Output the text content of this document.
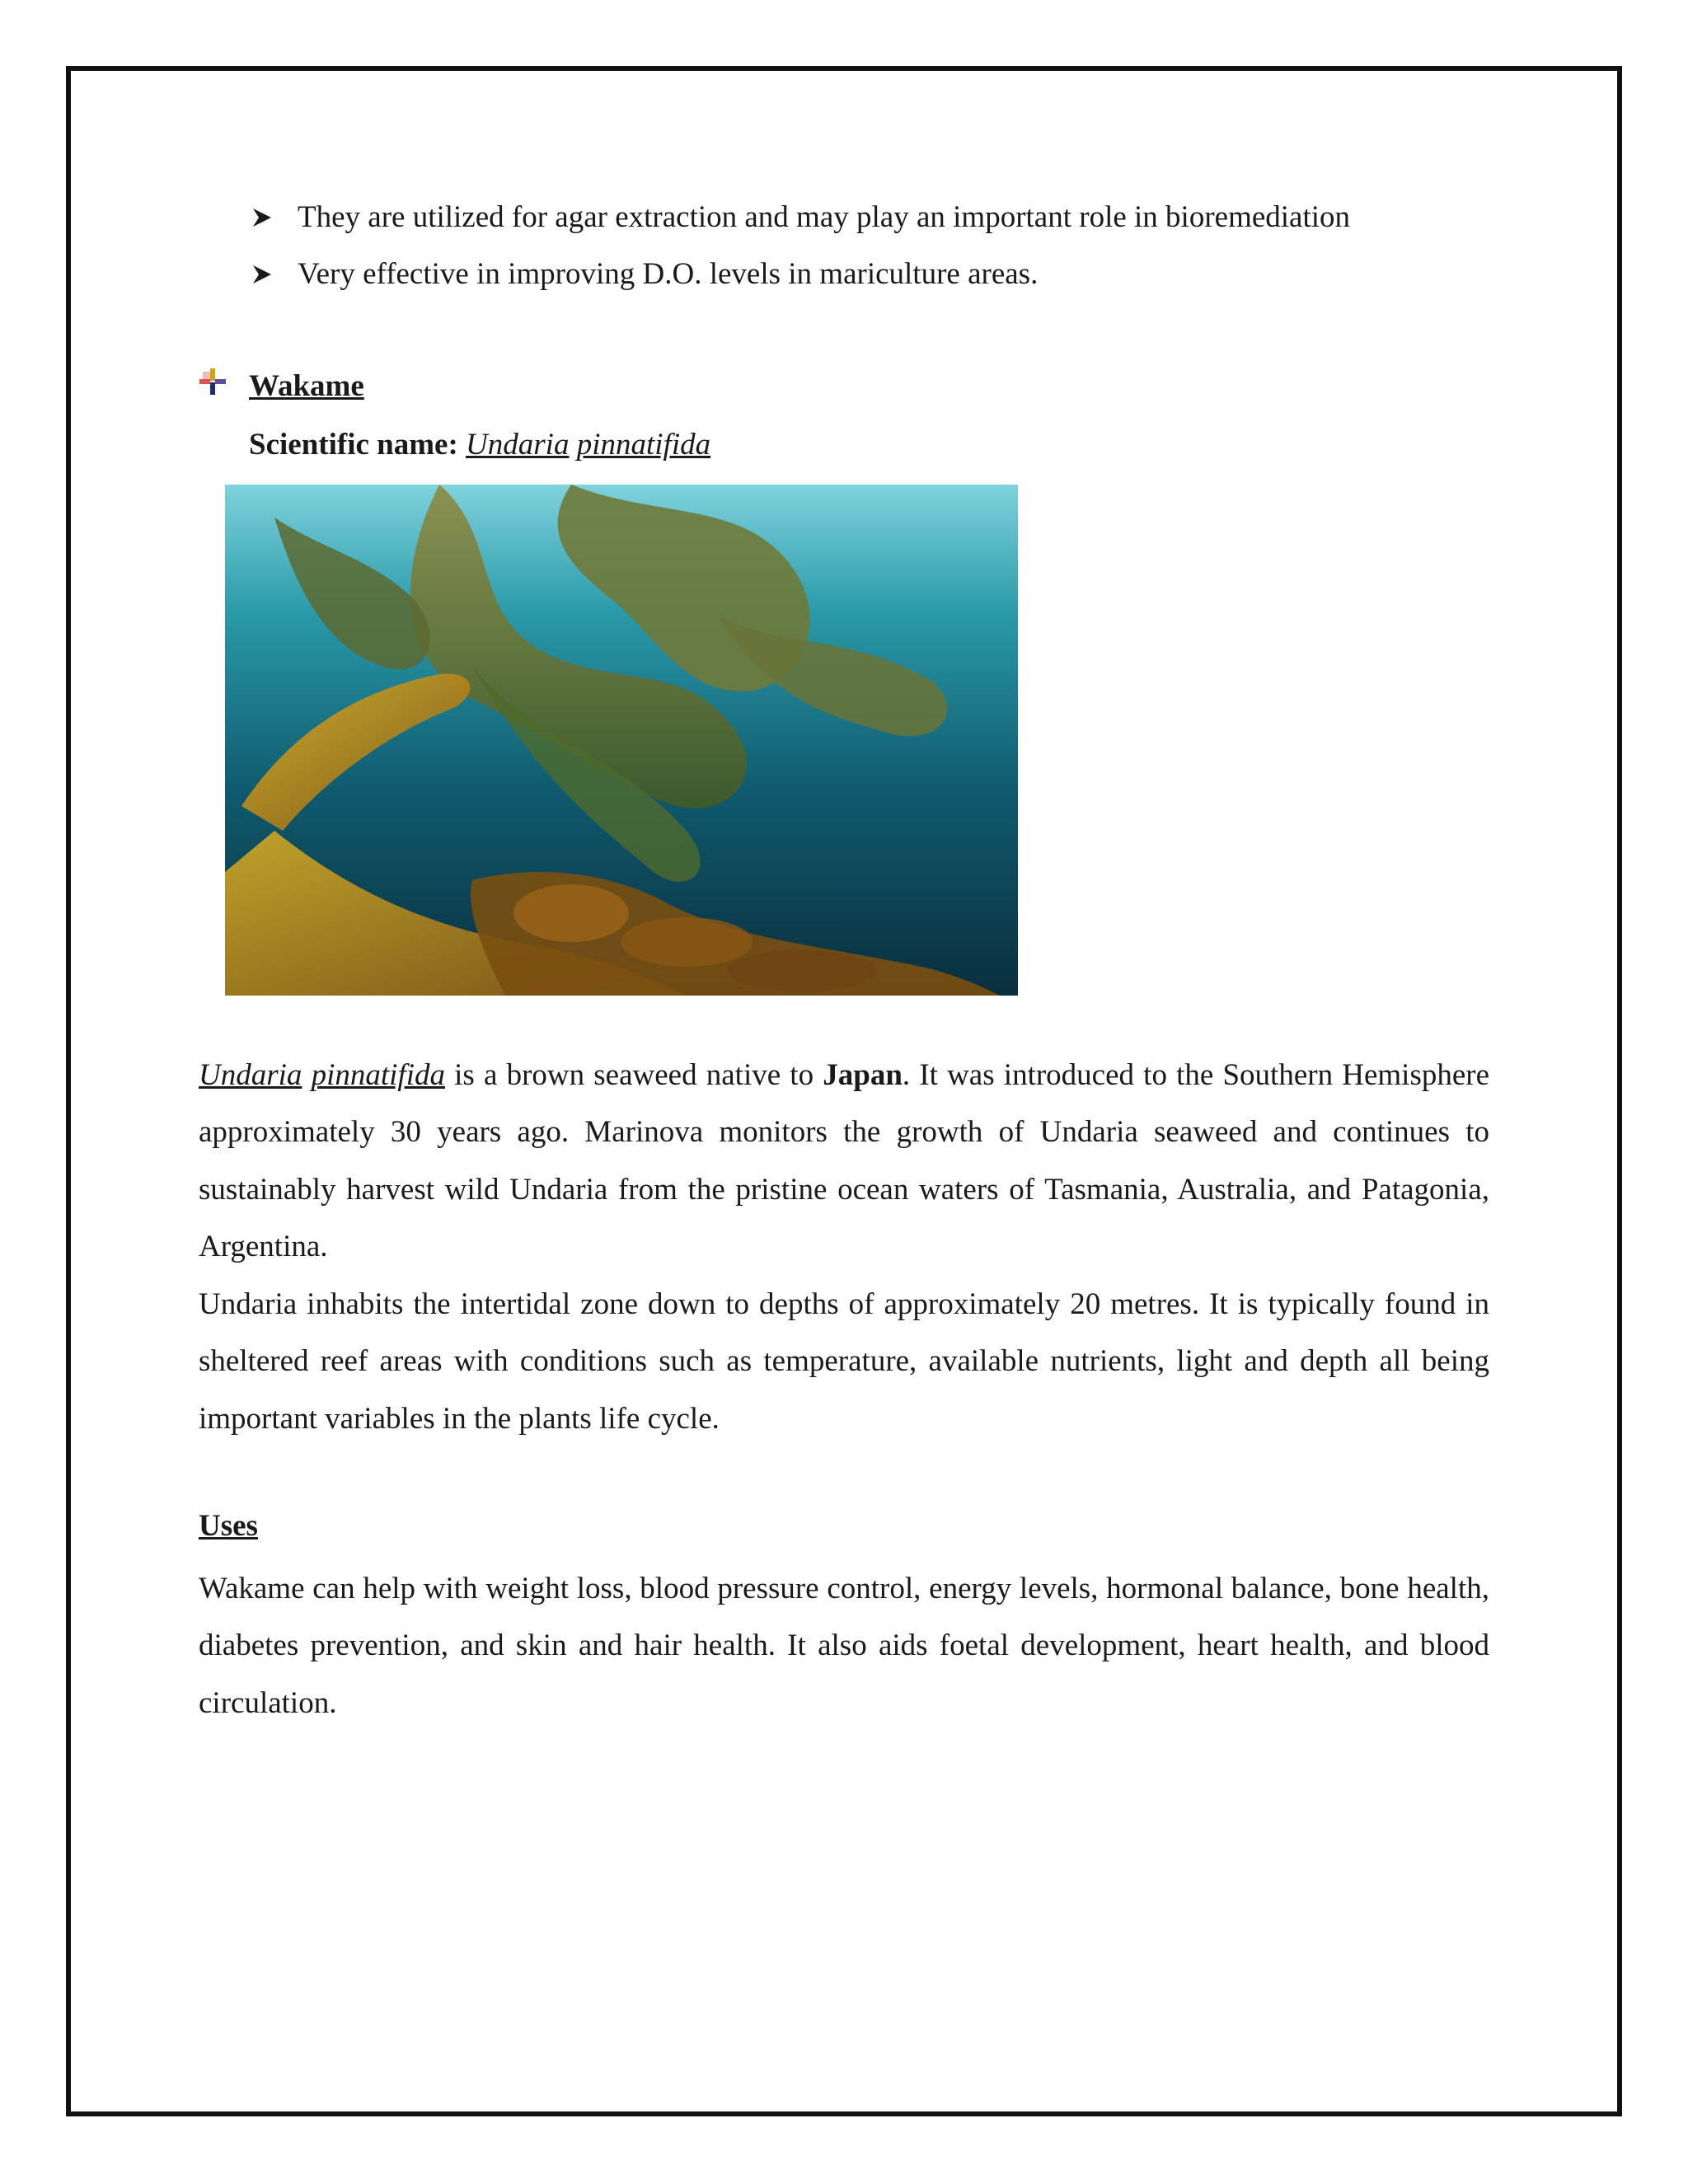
They are utilized for agar extraction and may play an important role in bioremediation
Very effective in improving D.O. levels in mariculture areas.
Wakame
Scientific name: Undaria pinnatifida
Undaria pinnatifida is a brown seaweed native to Japan. It was introduced to the Southern Hemisphere approximately 30 years ago. Marinova monitors the growth of Undaria seaweed and continues to sustainably harvest wild Undaria from the pristine ocean waters of Tasmania, Australia, and Patagonia, Argentina.
Undaria inhabits the intertidal zone down to depths of approximately 20 metres. It is typically found in sheltered reef areas with conditions such as temperature, available nutrients, light and depth all being important variables in the plants life cycle.
Uses
Wakame can help with weight loss, blood pressure control, energy levels, hormonal balance, bone health, diabetes prevention, and skin and hair health. It also aids foetal development, heart health, and blood circulation.
